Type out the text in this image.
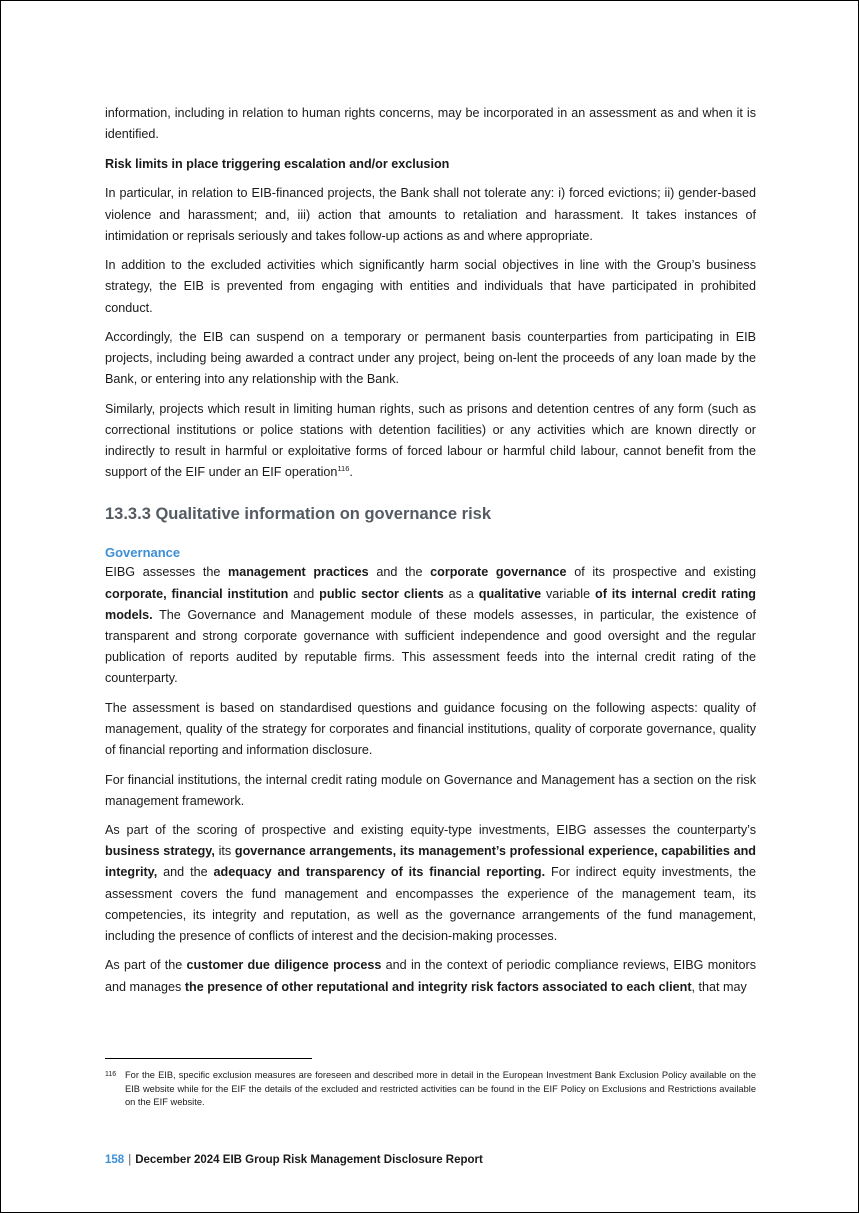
information, including in relation to human rights concerns, may be incorporated in an assessment as and when it is identified.

Risk limits in place triggering escalation and/or exclusion

In particular, in relation to EIB-financed projects, the Bank shall not tolerate any: i) forced evictions; ii) gender-based violence and harassment; and, iii) action that amounts to retaliation and harassment. It takes instances of intimidation or reprisals seriously and takes follow-up actions as and where appropriate.

In addition to the excluded activities which significantly harm social objectives in line with the Group’s business strategy, the EIB is prevented from engaging with entities and individuals that have participated in prohibited conduct.

Accordingly, the EIB can suspend on a temporary or permanent basis counterparties from participating in EIB projects, including being awarded a contract under any project, being on-lent the proceeds of any loan made by the Bank, or entering into any relationship with the Bank.

Similarly, projects which result in limiting human rights, such as prisons and detention centres of any form (such as correctional institutions or police stations with detention facilities) or any activities which are known directly or indirectly to result in harmful or exploitative forms of forced labour or harmful child labour, cannot benefit from the support of the EIF under an EIF operation$^{116}$.

13.3.3 Qualitative information on governance risk
Governance

EIBG assesses the management practices and the corporate governance of its prospective and existing corporate, financial institution and public sector clients as a qualitative variable of its internal credit rating models. The Governance and Management module of these models assesses, in particular, the existence of transparent and strong corporate governance with sufficient independence and good oversight and the regular publication of reports audited by reputable firms. This assessment feeds into the internal credit rating of the counterparty.

The assessment is based on standardised questions and guidance focusing on the following aspects: quality of management, quality of the strategy for corporates and financial institutions, quality of corporate governance, quality of financial reporting and information disclosure.

For financial institutions, the internal credit rating module on Governance and Management has a section on the risk management framework.

As part of the scoring of prospective and existing equity-type investments, EIBG assesses the counterparty’s business strategy, its governance arrangements, its management’s professional experience, capabilities and integrity, and the adequacy and transparency of its financial reporting. For indirect equity investments, the assessment covers the fund management and encompasses the experience of the management team, its competencies, its integrity and reputation, as well as the governance arrangements of the fund management, including the presence of conflicts of interest and the decision-making processes.

As part of the customer due diligence process and in the context of periodic compliance reviews, EIBG monitors and manages the presence of other reputational and integrity risk factors associated to each client, that may

116 For the EIB, specific exclusion measures are foreseen and described more in detail in the European Investment Bank Exclusion Policy available on the EIB website while for the EIF the details of the excluded and restricted activities can be found in the EIF Policy on Exclusions and Restrictions available on the EIF website.
158 | December 2024 EIB Group Risk Management Disclosure Report
